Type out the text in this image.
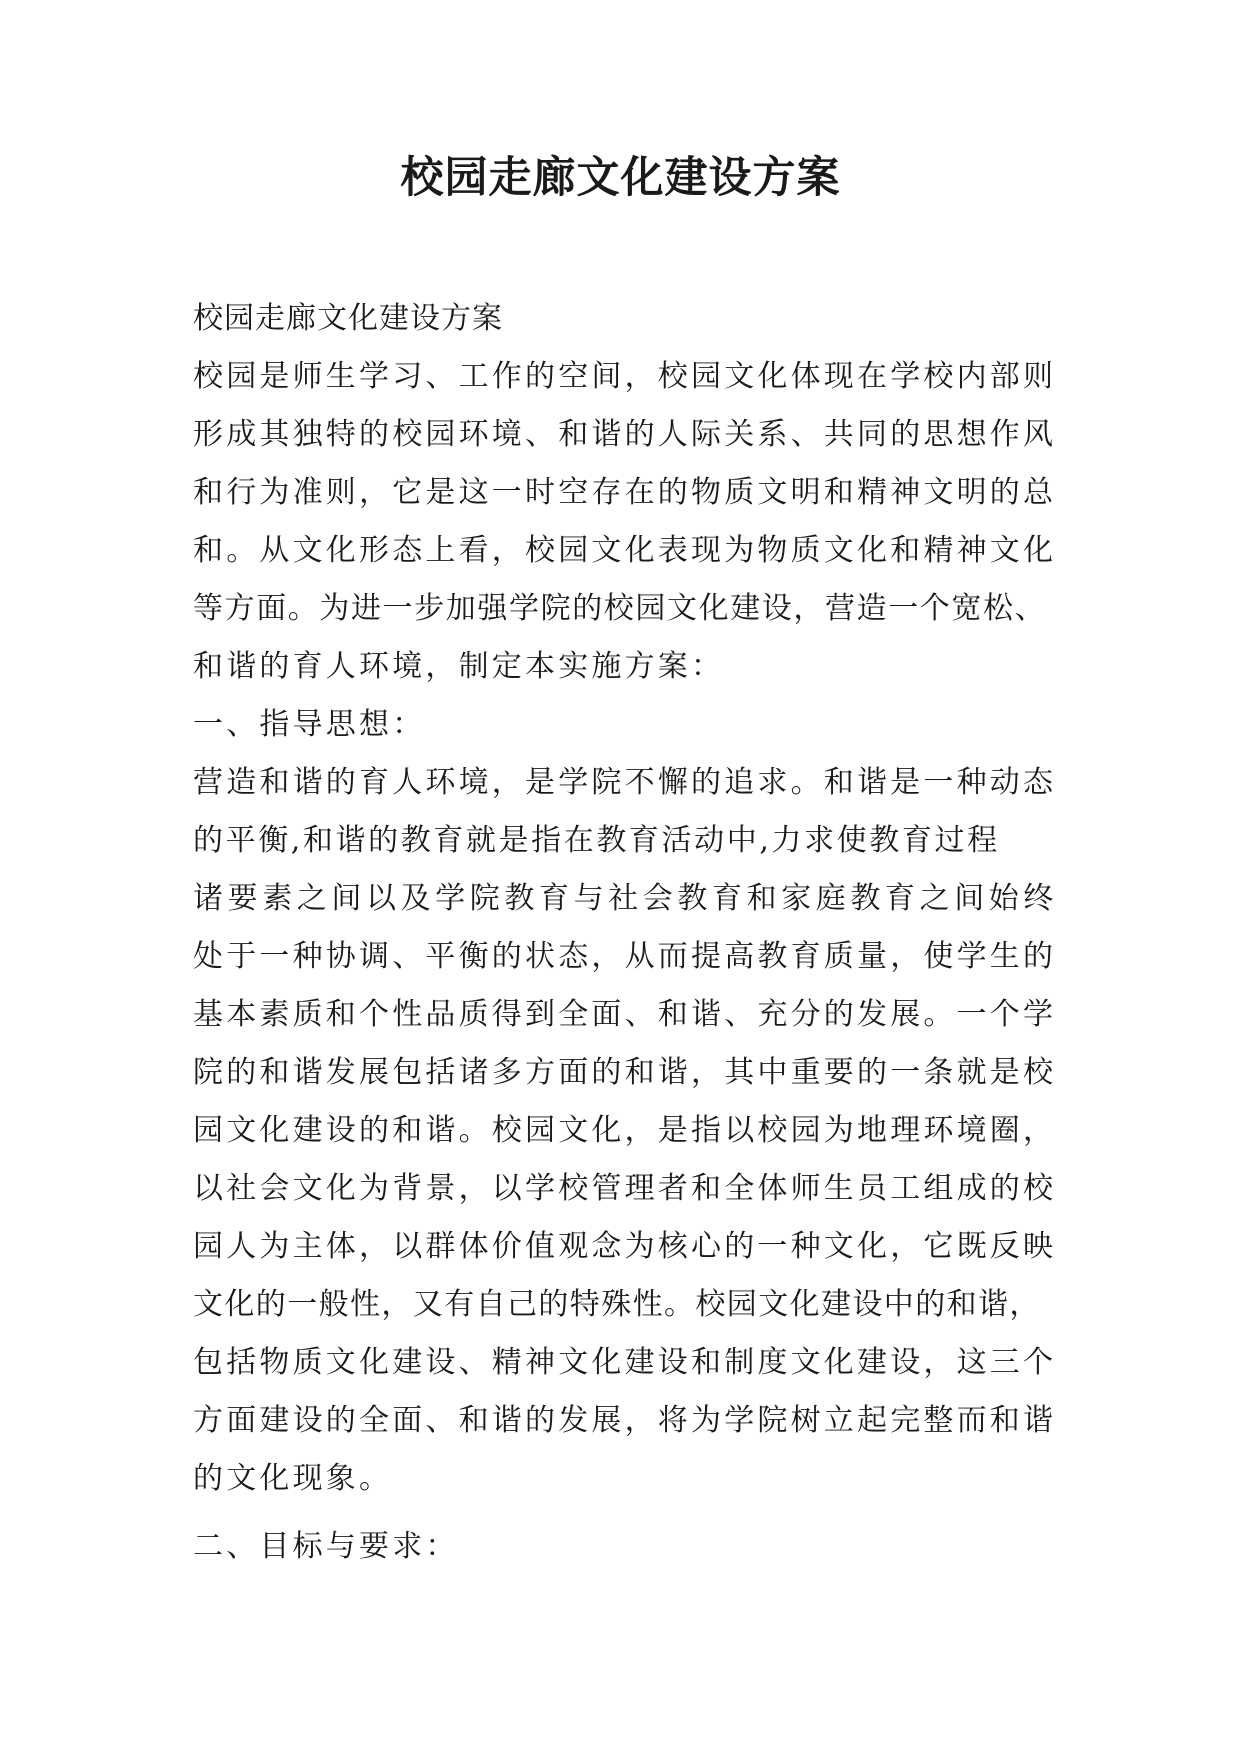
校园走廊文化建设方案

校园走廊文化建设方案

校园是师生学习、工作的空间，校园文化体现在学校内部则

形成其独特的校园环境、和谐的人际关系、共同的思想作风

和行为准则，它是这一时空存在的物质文明和精神文明的总

和。从文化形态上看，校园文化表现为物质文化和精神文化

等方面。为进一步加强学院的校园文化建设，营造一个宽松、

和谐的育人环境，制定本实施方案：

一、指导思想：

营造和谐的育人环境，是学院不懈的追求。和谐是一种动态

的平衡,和谐的教育就是指在教育活动中,力求使教育过程

诸要素之间以及学院教育与社会教育和家庭教育之间始终

处于一种协调、平衡的状态，从而提高教育质量，使学生的

基本素质和个性品质得到全面、和谐、充分的发展。一个学

院的和谐发展包括诸多方面的和谐，其中重要的一条就是校

园文化建设的和谐。校园文化，是指以校园为地理环境圈，

以社会文化为背景，以学校管理者和全体师生员工组成的校

园人为主体，以群体价值观念为核心的一种文化，它既反映

文化的一般性，又有自己的特殊性。校园文化建设中的和谐，

包括物质文化建设、精神文化建设和制度文化建设，这三个

方面建设的全面、和谐的发展，将为学院树立起完整而和谐

的文化现象。

二、目标与要求：
